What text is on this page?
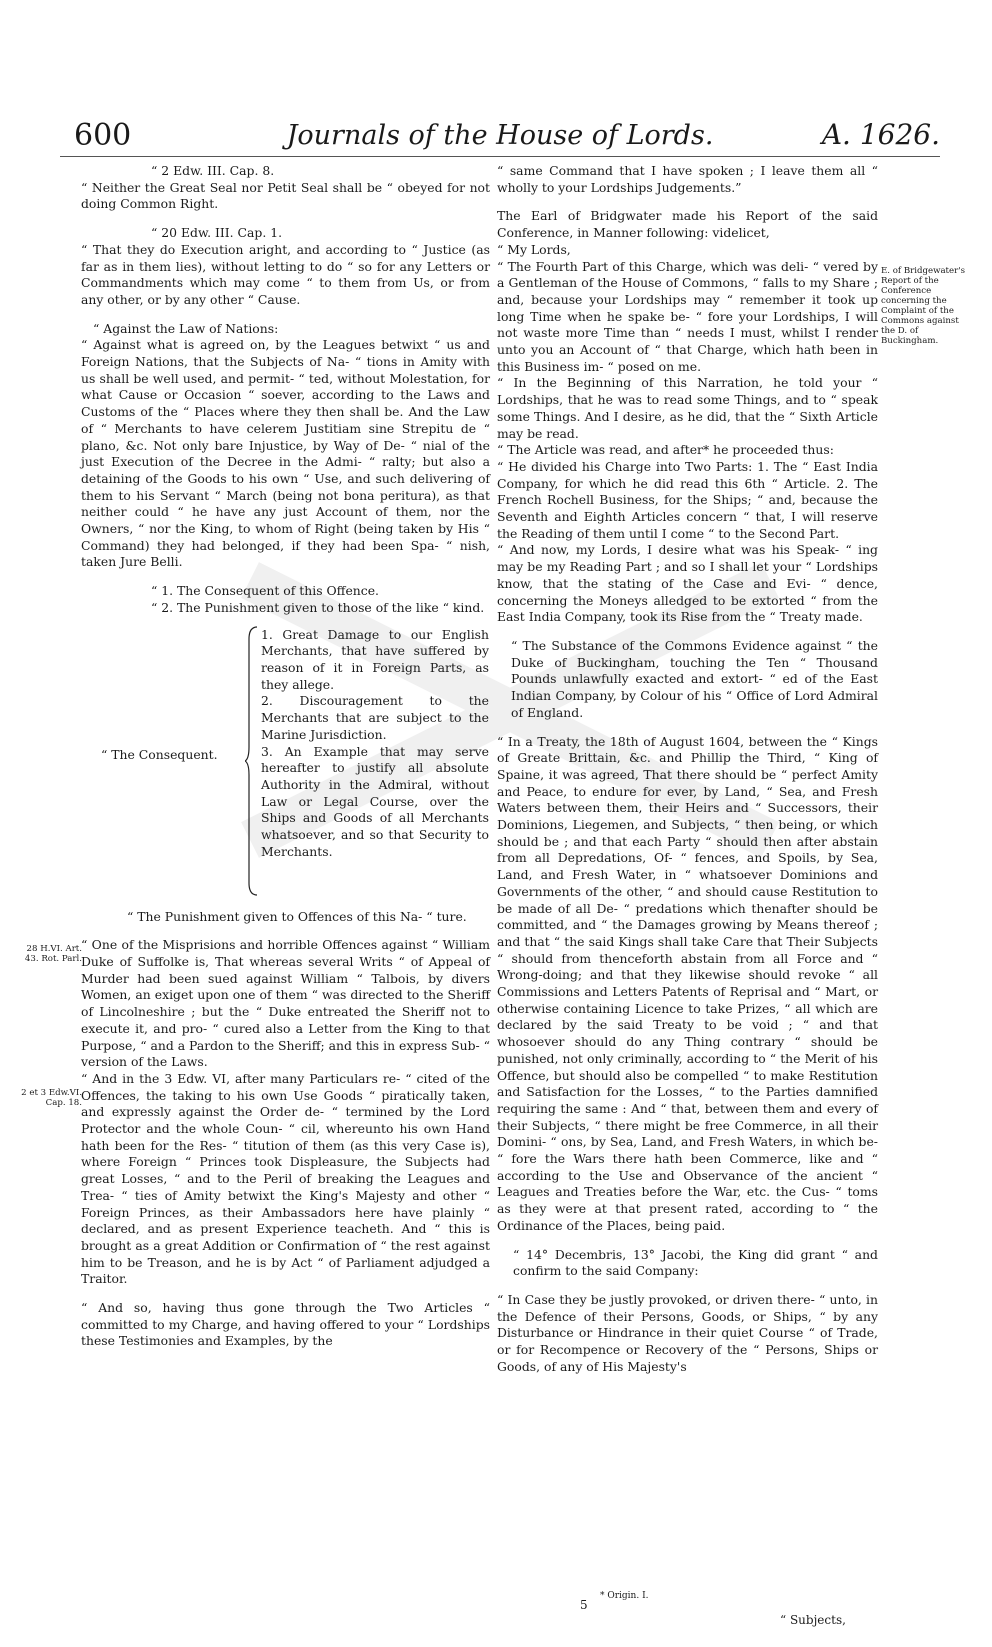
600	Journals of the House of Lords.	A. 1626.

“ 2 Edw. III. Cap. 8.

“ Neither the Great Seal nor Petit Seal shall be “ obeyed for not doing Common Right.

“ 20 Edw. III. Cap. 1.

“ That they do Execution aright, and according to “ Justice (as far as in them lies), without letting to do “ so for any Letters or Commandments which may come “ to them from Us, or from any other, or by any other “ Cause.

“ Against the Law of Nations:

“ Against what is agreed on, by the Leagues betwixt “ us and Foreign Nations, that the Subjects of Na- “ tions in Amity with us shall be well used, and permit- “ ted, without Molestation, for what Cause or Occasion “ soever, according to the Laws and Customs of the “ Places where they then shall be. And the Law of “ Merchants to have celerem Justitiam sine Strepitu de “ plano, &c. Not only bare Injustice, by Way of De- “ nial of the just Execution of the Decree in the Admi- “ ralty; but also a detaining of the Goods to his own “ Use, and such delivering of them to his Servant “ March (being not bona peritura), as that neither could “ he have any just Account of them, nor the Owners, “ nor the King, to whom of Right (being taken by His “ Command) they had belonged, if they had been Spa- “ nish, taken Jure Belli.

“ 1. The Consequent of this Offence.

“ 2. The Punishment given to those of the like “ kind.

“ The Consequent.
1. Great Damage to our English Merchants, that have suffered by reason of it in Foreign Parts, as they allege.
2. Discouragement to the Merchants that are subject to the Marine Jurisdiction.
3. An Example that may serve hereafter to justify all absolute Authority in the Admiral, without Law or Legal Course, over the Ships and Goods of all Merchants whatsoever, and so that Security to Merchants.

“ The Punishment given to Offences of this Na- “ ture.

“ One of the Misprisions and horrible Offences against “ William Duke of Suffolke is, That whereas several Writs “ of Appeal of Murder had been sued against William “ Talbois, by divers Women, an exiget upon one of them “ was directed to the Sheriff of Lincolneshire ; but the “ Duke entreated the Sheriff not to execute it, and pro- “ cured also a Letter from the King to that Purpose, “ and a Pardon to the Sheriff; and this in express Sub- “ version of the Laws.

“ And in the 3 Edw. VI, after many Particulars re- “ cited of the Offences, the taking to his own Use Goods “ piratically taken, and expressly against the Order de- “ termined by the Lord Protector and the whole Coun- “ cil, whereunto his own Hand hath been for the Res- “ titution of them (as this very Case is), where Foreign “ Princes took Displeasure, the Subjects had great Losses, “ and to the Peril of breaking the Leagues and Trea- “ ties of Amity betwixt the King's Majesty and other “ Foreign Princes, as their Ambassadors here have plainly “ declared, and as present Experience teacheth. And “ this is brought as a great Addition or Confirmation of “ the rest against him to be Treason, and he is by Act “ of Parliament adjudged a Traitor.

“ And so, having thus gone through the Two Articles “ committed to my Charge, and having offered to your “ Lordships these Testimonies and Examples, by the

28 H.VI. Art. 43. Rot. Parl.
2 et 3 Edw.VI. Cap. 18.

“ same Command that I have spoken ; I leave them all “ wholly to your Lordships Judgements.”

The Earl of Bridgwater made his Report of the said Conference, in Manner following: videlicet,

“ My Lords,

“ The Fourth Part of this Charge, which was deli- “ vered by a Gentleman of the House of Commons, “ falls to my Share ; and, because your Lordships may “ remember it took up long Time when he spake be- “ fore your Lordships, I will not waste more Time than “ needs I must, whilst I render unto you an Account of “ that Charge, which hath been in this Business im- “ posed on me.

“ In the Beginning of this Narration, he told your “ Lordships, that he was to read some Things, and to “ speak some Things. And I desire, as he did, that the “ Sixth Article may be read.

“ The Article was read, and after* he proceeded thus:

“ He divided his Charge into Two Parts: 1. The “ East India Company, for which he did read this 6th “ Article. 2. The French Rochell Business, for the Ships; “ and, because the Seventh and Eighth Articles concern “ that, I will reserve the Reading of them until I come “ to the Second Part.

“ And now, my Lords, I desire what was his Speak- “ ing may be my Reading Part ; and so I shall let your “ Lordships know, that the stating of the Case and Evi- “ dence, concerning the Moneys alledged to be extorted “ from the East India Company, took its Rise from the “ Treaty made.

“ The Substance of the Commons Evidence against “ the Duke of Buckingham, touching the Ten “ Thousand Pounds unlawfully exacted and extort- “ ed of the East Indian Company, by Colour of his “ Office of Lord Admiral of England.

“ In a Treaty, the 18th of August 1604, between the “ Kings of Greate Brittain, &c. and Phillip the Third, “ King of Spaine, it was agreed, That there should be “ perfect Amity and Peace, to endure for ever, by Land, “ Sea, and Fresh Waters between them, their Heirs and “ Successors, their Dominions, Liegemen, and Subjects, “ then being, or which should be ; and that each Party “ should then after abstain from all Depredations, Of- “ fences, and Spoils, by Sea, Land, and Fresh Water, in “ whatsoever Dominions and Governments of the other, “ and should cause Restitution to be made of all De- “ predations which thenafter should be committed, and “ the Damages growing by Means thereof ; and that “ the said Kings shall take Care that Their Subjects “ should from thenceforth abstain from all Force and “ Wrong-doing; and that they likewise should revoke “ all Commissions and Letters Patents of Reprisal and “ Mart, or otherwise containing Licence to take Prizes, “ all which are declared by the said Treaty to be void ; “ and that whosoever should do any Thing contrary “ should be punished, not only criminally, according to “ the Merit of his Offence, but should also be compelled “ to make Restitution and Satisfaction for the Losses, “ to the Parties damnified requiring the same : And “ that, between them and every of their Subjects, “ there might be free Commerce, in all their Domini- “ ons, by Sea, Land, and Fresh Waters, in which be- “ fore the Wars there hath been Commerce, like and “ according to the Use and Observance of the ancient “ Leagues and Treaties before the War, etc. the Cus- “ toms as they were at that present rated, according to “ the Ordinance of the Places, being paid.

“ 14° Decembris, 13° Jacobi, the King did grant “ and confirm to the said Company:

“ In Case they be justly provoked, or driven there- “ unto, in the Defence of their Persons, Goods, or Ships, “ by any Disturbance or Hindrance in their quiet Course “ of Trade, or for Recompence or Recovery of the “ Persons, Ships or Goods, of any of His Majesty's

E. of Bridgewater's Report of the Conference concerning the Complaint of the Commons against the D. of Buckingham.
5
* Origin. I.
“ Subjects,
